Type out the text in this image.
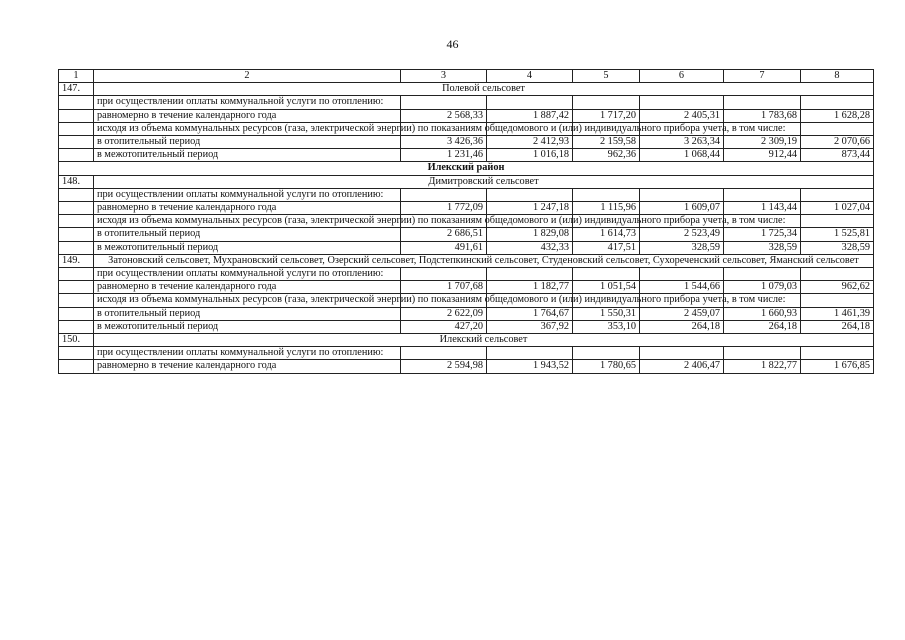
46
1	2	3	4	5	6	7	8
147.	Полевой сельсовет						
	при осуществлении оплаты коммунальной услуги по отоплению:						
	равномерно в течение календарного года	2 568,33	1 887,42	1 717,20	2 405,31	1 783,68	1 628,28
	исходя из объема коммунальных ресурсов (газа, электрической энергии) по показаниям общедомового и (или) индивидуального прибора учета, в том числе:						
	в отопительный период	3 426,36	2 412,93	2 159,58	3 263,34	2 309,19	2 070,66
	в межотопительный период	1 231,46	1 016,18	962,36	1 068,44	912,44	873,44
Илекский район							
148.	Димитровский сельсовет						
	при осуществлении оплаты коммунальной услуги по отоплению:						
	равномерно в течение календарного года	1 772,09	1 247,18	1 115,96	1 609,07	1 143,44	1 027,04
	исходя из объема коммунальных ресурсов (газа, электрической энергии) по показаниям общедомового и (или) индивидуального прибора учета, в том числе:						
	в отопительный период	2 686,51	1 829,08	1 614,73	2 523,49	1 725,34	1 525,81
	в межотопительный период	491,61	432,33	417,51	328,59	328,59	328,59
149.	Затоновский сельсовет, Мухрановский сельсовет, Озерский сельсовет, Подстепкинский сельсовет, Студеновский сельсовет, Сухореченский сельсовет, Яманский сельсовет						
	при осуществлении оплаты коммунальной услуги по отоплению:						
	равномерно в течение календарного года	1 707,68	1 182,77	1 051,54	1 544,66	1 079,03	962,62
	исходя из объема коммунальных ресурсов (газа, электрической энергии) по показаниям общедомового и (или) индивидуального прибора учета, в том числе:						
	в отопительный период	2 622,09	1 764,67	1 550,31	2 459,07	1 660,93	1 461,39
	в межотопительный период	427,20	367,92	353,10	264,18	264,18	264,18
150.	Илекский сельсовет						
	при осуществлении оплаты коммунальной услуги по отоплению:						
	равномерно в течение календарного года	2 594,98	1 943,52	1 780,65	2 406,47	1 822,77	1 676,85
